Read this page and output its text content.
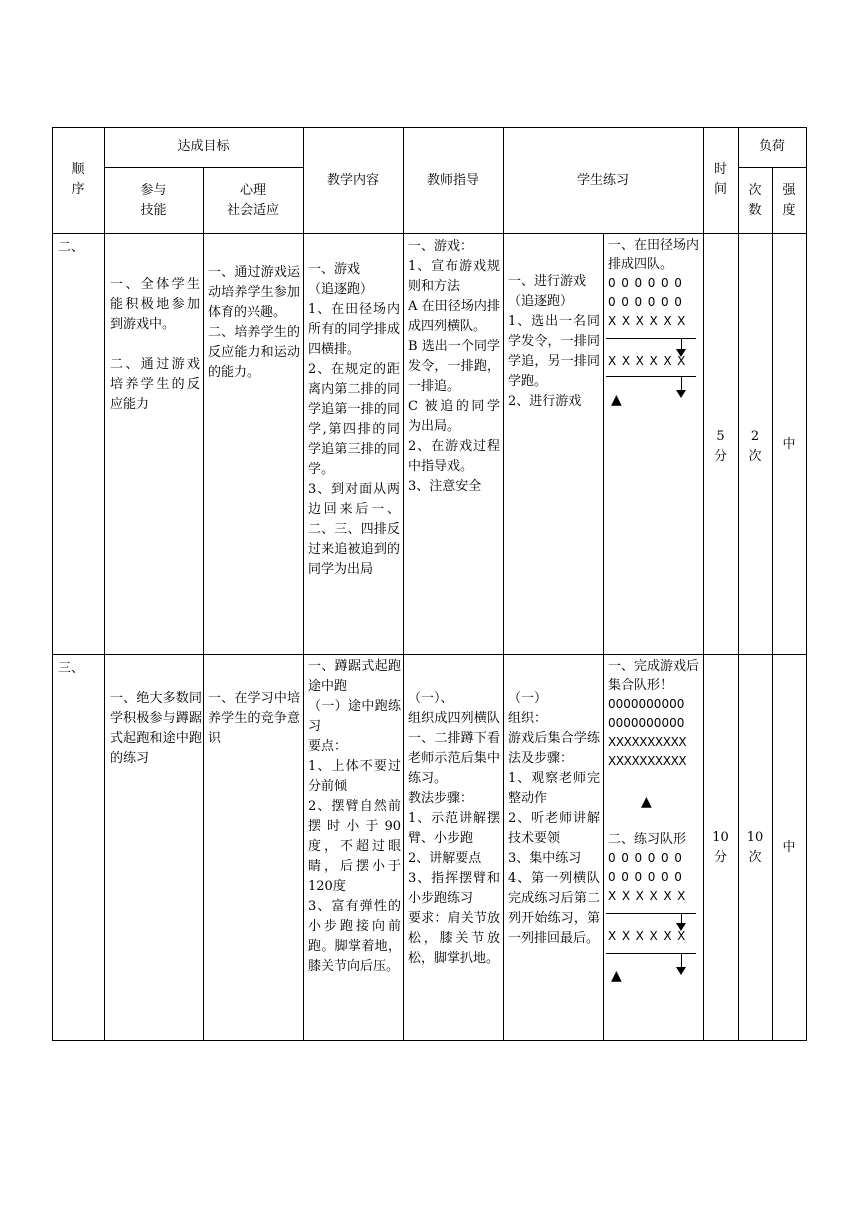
顺
序
达成目标
参与
技能
心理
社会适应
教学内容	教师指导	学生练习
时
间
负荷
次
数
强
度
二、
一、全体学生能积极地参加到游戏中。

二、通过游戏培养学生的反应能力
一、通过游戏运动培养学生参加体育的兴趣。
二、培养学生的反应能力和运动的能力。
一、游戏
（追逐跑）
1、在田径场内所有的同学排成四横排。
2、在规定的距离内第二排的同学追第一排的同学,第四排的同学追第三排的同学。
3、到对面从两边回来后一、二、三、四排反过来追被追到的同学为出局
一、游戏：
1、宣布游戏规则和方法
A 在田径场内排成四列横队。
B 选出一个同学发令，一排跑，一排追。
C 被追的同学为出局。
2、在游戏过程中指导戏。
3、注意安全
一、进行游戏
（追逐跑）
1、选出一名同学发令，一排同学追，另一排同学跑。
2、进行游戏
一、在田径场内排成四队。
0 0 0 0 0 0
0 0 0 0 0 0
X X X X X X
X X X X X X
▲
5
分
2
次
中
三、
一、绝大多数同学积极参与蹲踞式起跑和途中跑的练习
一、在学习中培养学生的竞争意识
一、蹲踞式起跑途中跑
（一）途中跑练习
要点：
1、上体不要过分前倾
2、摆臂自然前摆时小于90度，不超过眼睛，后摆小于120度
3、富有弹性的小步跑接向前跑。脚掌着地，膝关节向后压。
（一）、
组织成四列横队一、二排蹲下看老师示范后集中练习。
教法步骤：
1、示范讲解摆臂、小步跑
2、讲解要点
3、指挥摆臂和小步跑练习
要求：肩关节放松，膝关节放松，脚掌扒地。
（一）
组织：
游戏后集合学练法及步骤：
1、观察老师完整动作
2、听老师讲解技术要领
3、集中练习
4、第一列横队完成练习后第二列开始练习，第一列排回最后。
一、完成游戏后集合队形！
0000000000
0000000000
XXXXXXXXXX
XXXXXXXXXX
▲
二、练习队形
0 0 0 0 0 0
0 0 0 0 0 0
X X X X X X
X X X X X X
▲
10
分
10
次
中
